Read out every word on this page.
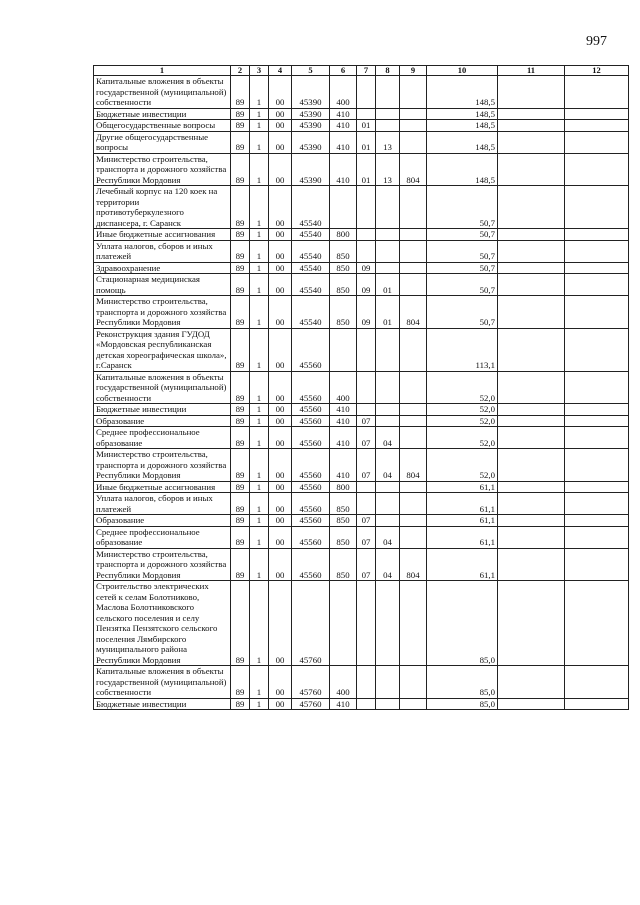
997
1	2	3	4	5	6	7	8	9	10	11	12
Капитальные вложения в объекты государственной (муниципальной) собственности	89	1	00	45390	400				148,5		
Бюджетные инвестиции	89	1	00	45390	410				148,5		
Общегосударственные вопросы	89	1	00	45390	410	01			148,5		
Другие общегосударственные вопросы	89	1	00	45390	410	01	13		148,5		
Министерство строительства, транспорта и дорожного хозяйства Республики Мордовия	89	1	00	45390	410	01	13	804	148,5		
Лечебный корпус на 120 коек на территории противотуберкулезного диспансера, г. Саранск	89	1	00	45540					50,7		
Иные бюджетные ассигнования	89	1	00	45540	800				50,7		
Уплата налогов, сборов и иных платежей	89	1	00	45540	850				50,7		
Здравоохранение	89	1	00	45540	850	09			50,7		
Стационарная медицинская помощь	89	1	00	45540	850	09	01		50,7		
Министерство строительства, транспорта и дорожного хозяйства Республики Мордовия	89	1	00	45540	850	09	01	804	50,7		
Реконструкция здания ГУДОД «Мордовская республиканская детская хореографическая школа», г.Саранск	89	1	00	45560					113,1		
Капитальные вложения в объекты государственной (муниципальной) собственности	89	1	00	45560	400				52,0		
Бюджетные инвестиции	89	1	00	45560	410				52,0		
Образование	89	1	00	45560	410	07			52,0		
Среднее профессиональное образование	89	1	00	45560	410	07	04		52,0		
Министерство строительства, транспорта и дорожного хозяйства Республики Мордовия	89	1	00	45560	410	07	04	804	52,0		
Иные бюджетные ассигнования	89	1	00	45560	800				61,1		
Уплата налогов, сборов и иных платежей	89	1	00	45560	850				61,1		
Образование	89	1	00	45560	850	07			61,1		
Среднее профессиональное образование	89	1	00	45560	850	07	04		61,1		
Министерство строительства, транспорта и дорожного хозяйства Республики Мордовия	89	1	00	45560	850	07	04	804	61,1		
Строительство электрических сетей к селам Болотниково, Маслова Болотниковского сельского поселения и селу Пензятка Пензятского сельского поселения Лямбирского муниципального района Республики Мордовия	89	1	00	45760					85,0		
Капитальные вложения в объекты государственной (муниципальной) собственности	89	1	00	45760	400				85,0		
Бюджетные инвестиции	89	1	00	45760	410				85,0		
